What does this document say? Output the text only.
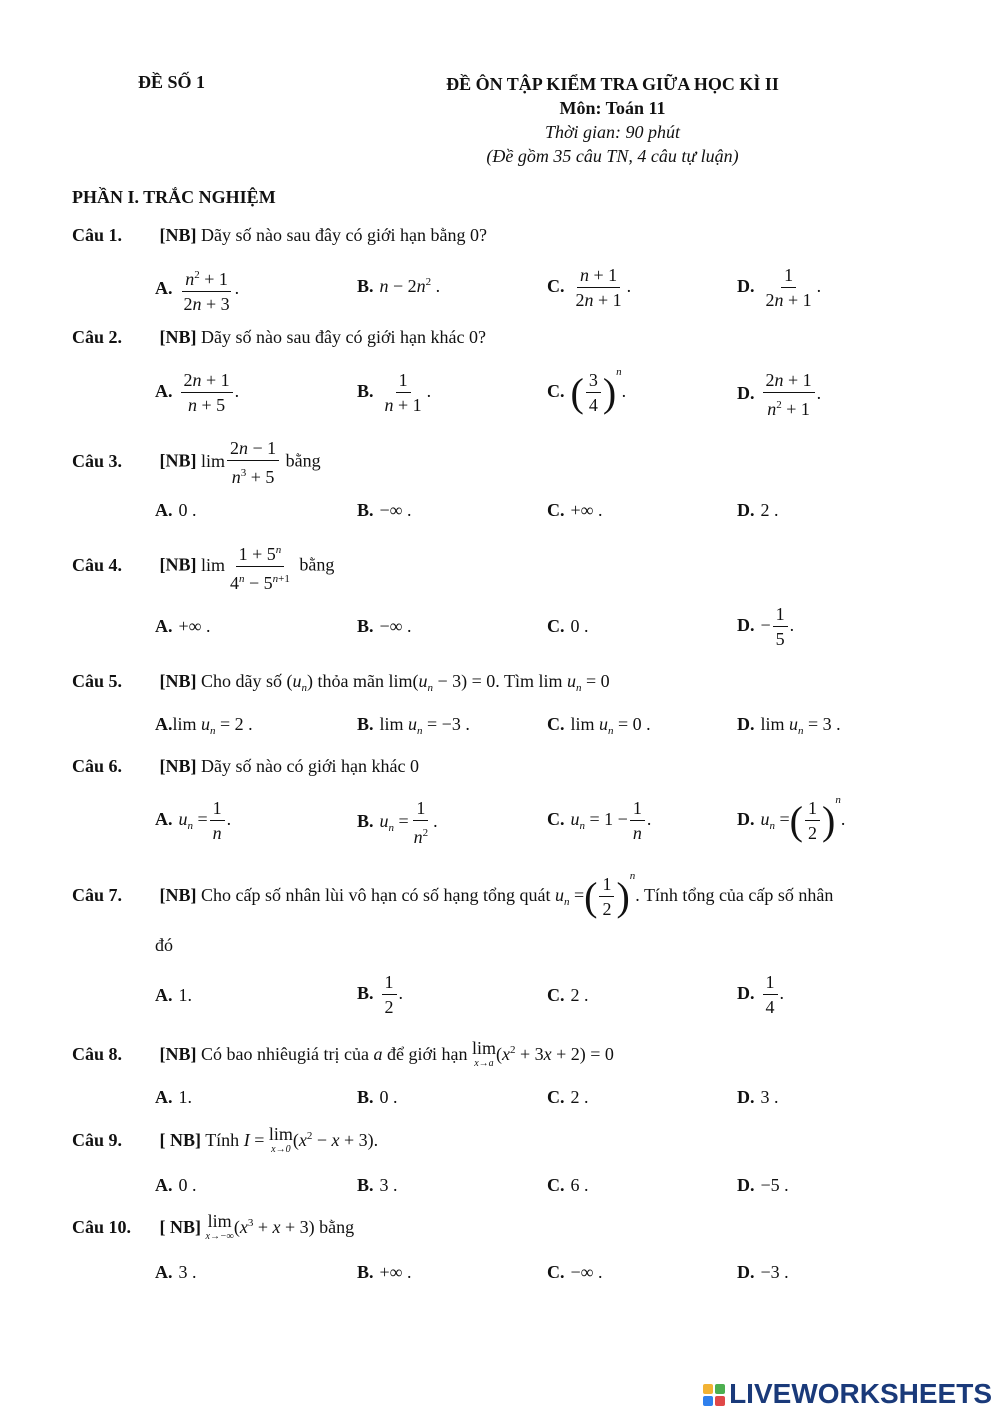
ĐỀ SỐ 1	ĐỀ ÔN TẬP KIỂM TRA GIỮA HỌC KÌ II
Môn: Toán 11
Thời gian: 90 phút
(Đề gồm 35 câu TN, 4 câu tự luận)
PHẦN I. TRẮC NGHIỆM
Câu 1. [NB] Dãy số nào sau đây có giới hạn bằng 0?
A. $\frac{n^2 + 1}{2n + 3}$ .	B. $n - 2n^2$ .	C. $\frac{n + 1}{2n + 1}$ .	D. $\frac{1}{2n + 1}$ .
Câu 2. [NB] Dãy số nào sau đây có giới hạn khác 0?
A. $\frac{2n + 1}{n + 5}$ .	B. $\frac{1}{n + 1}$ .	C. ( $\frac{3}{4} )^n$.	D. $\frac{2n + 1}{n^2 + 1}$ .
Câu 3. [NB] $\lim \frac{2n - 1}{n^3 + 5}$ bằng
A. 0 .	B. −∞ .	C. +∞ .	D. 2 .
Câu 4. [NB] $\lim \frac{1 + 5^n}{4^n - 5^{n+1}}$ bằng
A. +∞ .	B. −∞ .	C. 0 .	D. − $\frac{1}{5}$ .
Câu 5. [NB] Cho dãy số $(u_n)$ thỏa mãn $\lim(u_n - 3) = 0$. Tìm $\lim u_n = 0$
A.lim $u_n = 2$ .	B. $\lim u_n = -3$ .	C. $\lim u_n = 0$ .	D. $\lim u_n = 3$ .
Câu 6. [NB] Dãy số nào có giới hạn khác 0
A. $u_n = \frac{1}{n}$ .	B. $u_n = \frac{1}{n^2}$ .	C. $u_n = 1 - \frac{1}{n}$ .	D. $u_n$ =( $\frac{1}{2} )^n$.
Câu 7. [NB] Cho cấp số nhân lùi vô hạn có số hạng tổng quát $u_n$ =( $\frac{1}{2} )^n$. Tính tổng của cấp số nhân
đó
A. 1.	B. $\frac{1}{2}$ .	C. 2 .	D. $\frac{1}{4}$ .
Câu 8. [NB] Có bao nhiêugiá trị của a để giới hạn lim
x→a $(x^2 + 3x + 2) = 0$
A. 1.	B. 0 .	C. 2 .	D. 3 .
Câu 9. [ NB] Tính I = lim
x→0 $(x^2 - x + 3)$.
A. 0 .	B. 3 .	C. 6 .	D. −5 .
Câu 10. [ NB] lim
x→−∞ $(x^3 + x + 3)$ bằng
A. 3 .	B. +∞ .	C. −∞ .	D. −3 .
LIVEWORKSHEETS
